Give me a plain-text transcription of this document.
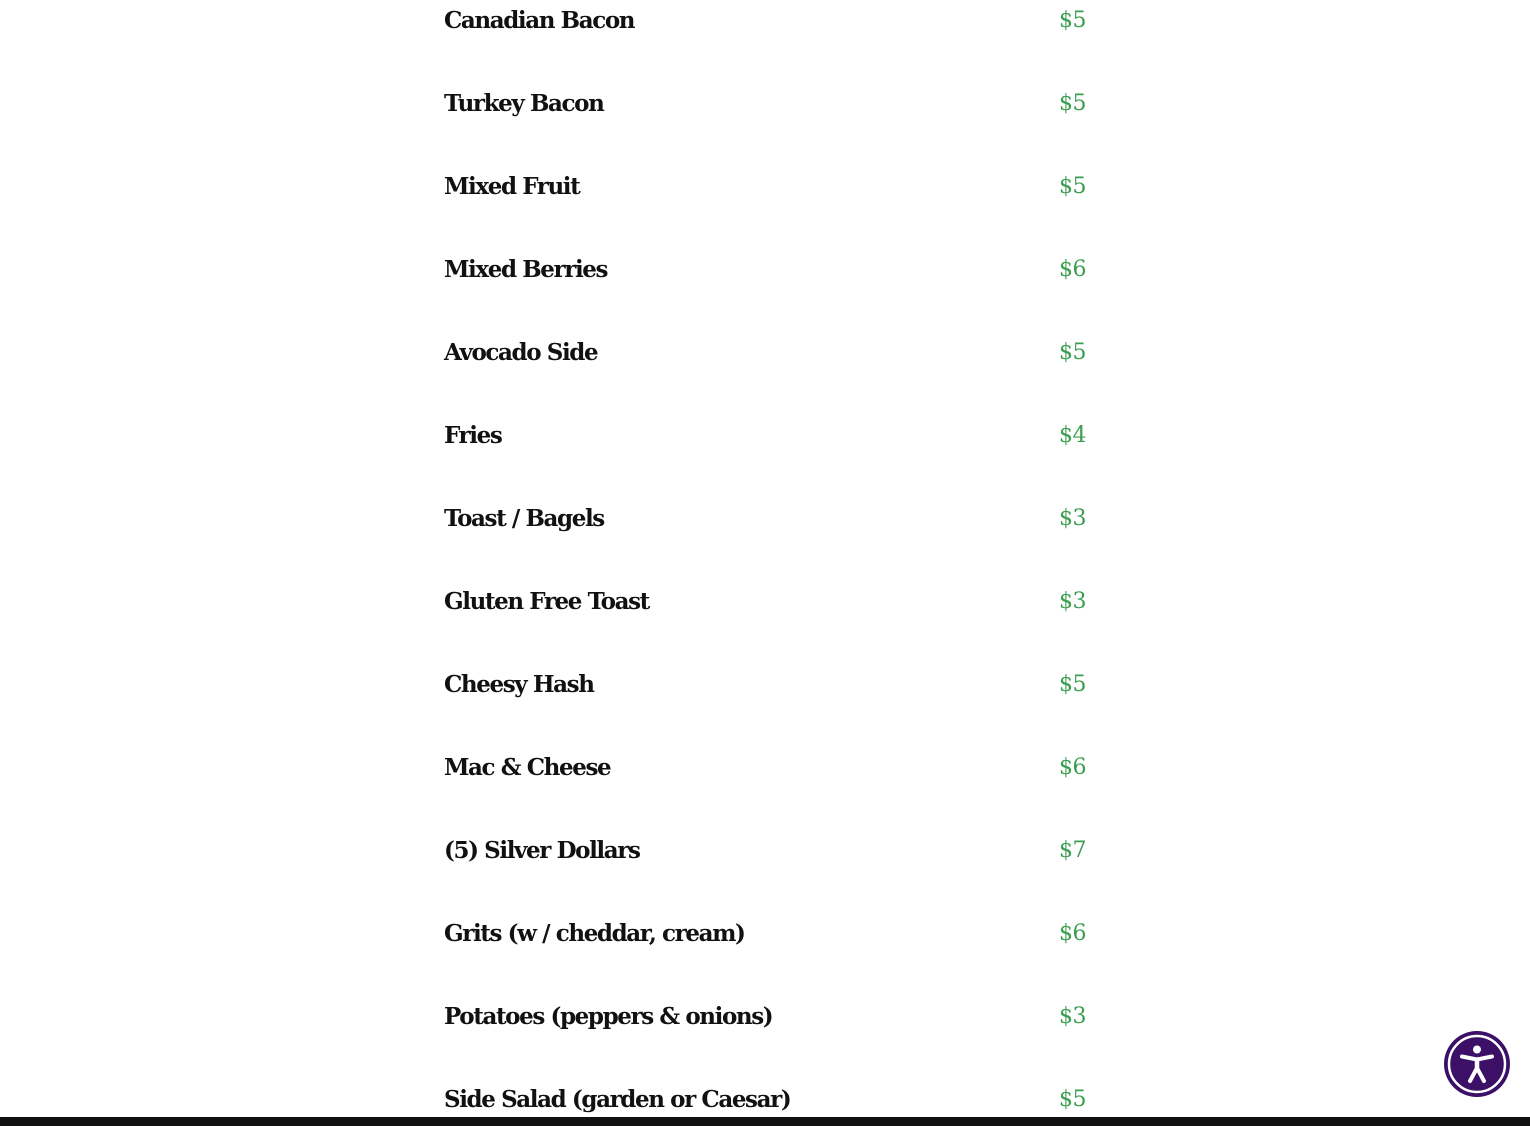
Canadian Bacon	$5
Turkey Bacon	$5
Mixed Fruit	$5
Mixed Berries	$6
Avocado Side	$5
Fries	$4
Toast / Bagels	$3
Gluten Free Toast	$3
Cheesy Hash	$5
Mac & Cheese	$6
(5) Silver Dollars	$7
Grits (w / cheddar, cream)	$6
Potatoes (peppers & onions)	$3
Side Salad (garden or Caesar)	$5
